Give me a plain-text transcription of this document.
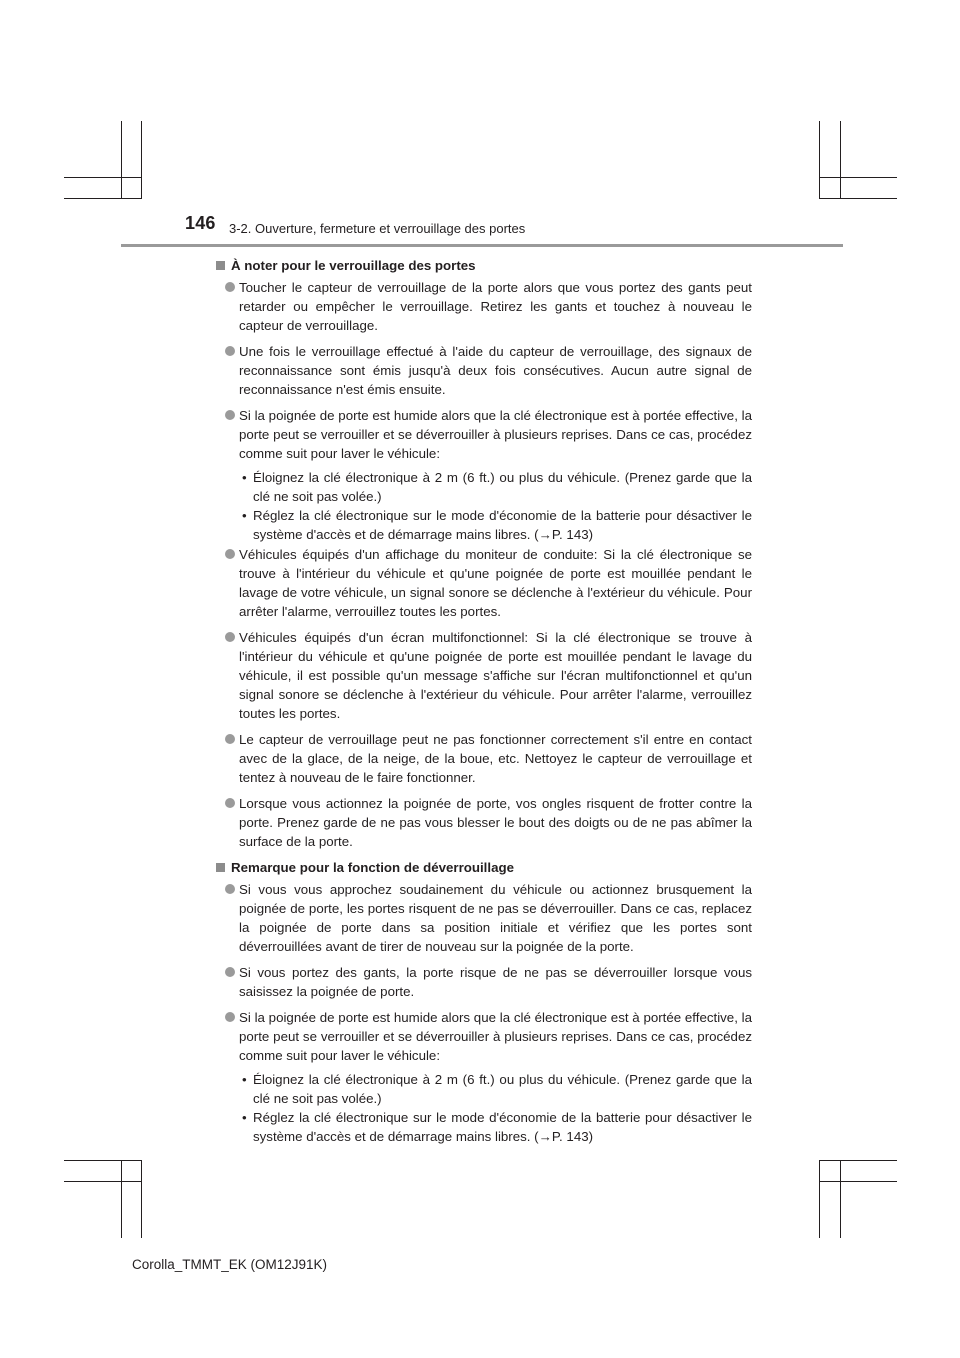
146 3-2. Ouverture, fermeture et verrouillage des portes
À noter pour le verrouillage des portes
Toucher le capteur de verrouillage de la porte alors que vous portez des gants peut retarder ou empêcher le verrouillage. Retirez les gants et touchez à nouveau le capteur de verrouillage.
Une fois le verrouillage effectué à l'aide du capteur de verrouillage, des signaux de reconnaissance sont émis jusqu'à deux fois consécutives. Aucun autre signal de reconnaissance n'est émis ensuite.
Si la poignée de porte est humide alors que la clé électronique est à portée effective, la porte peut se verrouiller et se déverrouiller à plusieurs reprises. Dans ce cas, procédez comme suit pour laver le véhicule:
• Éloignez la clé électronique à 2 m (6 ft.) ou plus du véhicule. (Prenez garde que la clé ne soit pas volée.)
• Réglez la clé électronique sur le mode d'économie de la batterie pour désactiver le système d'accès et de démarrage mains libres. (→P. 143)
Véhicules équipés d'un affichage du moniteur de conduite: Si la clé électronique se trouve à l'intérieur du véhicule et qu'une poignée de porte est mouillée pendant le lavage de votre véhicule, un signal sonore se déclenche à l'extérieur du véhicule. Pour arrêter l'alarme, verrouillez toutes les portes.
Véhicules équipés d'un écran multifonctionnel: Si la clé électronique se trouve à l'intérieur du véhicule et qu'une poignée de porte est mouillée pendant le lavage du véhicule, il est possible qu'un message s'affiche sur l'écran multifonctionnel et qu'un signal sonore se déclenche à l'extérieur du véhicule. Pour arrêter l'alarme, verrouillez toutes les portes.
Le capteur de verrouillage peut ne pas fonctionner correctement s'il entre en contact avec de la glace, de la neige, de la boue, etc. Nettoyez le capteur de verrouillage et tentez à nouveau de le faire fonctionner.
Lorsque vous actionnez la poignée de porte, vos ongles risquent de frotter contre la porte. Prenez garde de ne pas vous blesser le bout des doigts ou de ne pas abîmer la surface de la porte.
Remarque pour la fonction de déverrouillage
Si vous vous approchez soudainement du véhicule ou actionnez brusquement la poignée de porte, les portes risquent de ne pas se déverrouiller. Dans ce cas, replacez la poignée de porte dans sa position initiale et vérifiez que les portes sont déverrouillées avant de tirer de nouveau sur la poignée de la porte.
Si vous portez des gants, la porte risque de ne pas se déverrouiller lorsque vous saisissez la poignée de porte.
Si la poignée de porte est humide alors que la clé électronique est à portée effective, la porte peut se verrouiller et se déverrouiller à plusieurs reprises. Dans ce cas, procédez comme suit pour laver le véhicule:
• Éloignez la clé électronique à 2 m (6 ft.) ou plus du véhicule. (Prenez garde que la clé ne soit pas volée.)
• Réglez la clé électronique sur le mode d'économie de la batterie pour désactiver le système d'accès et de démarrage mains libres. (→P. 143)
Corolla_TMMT_EK (OM12J91K)
